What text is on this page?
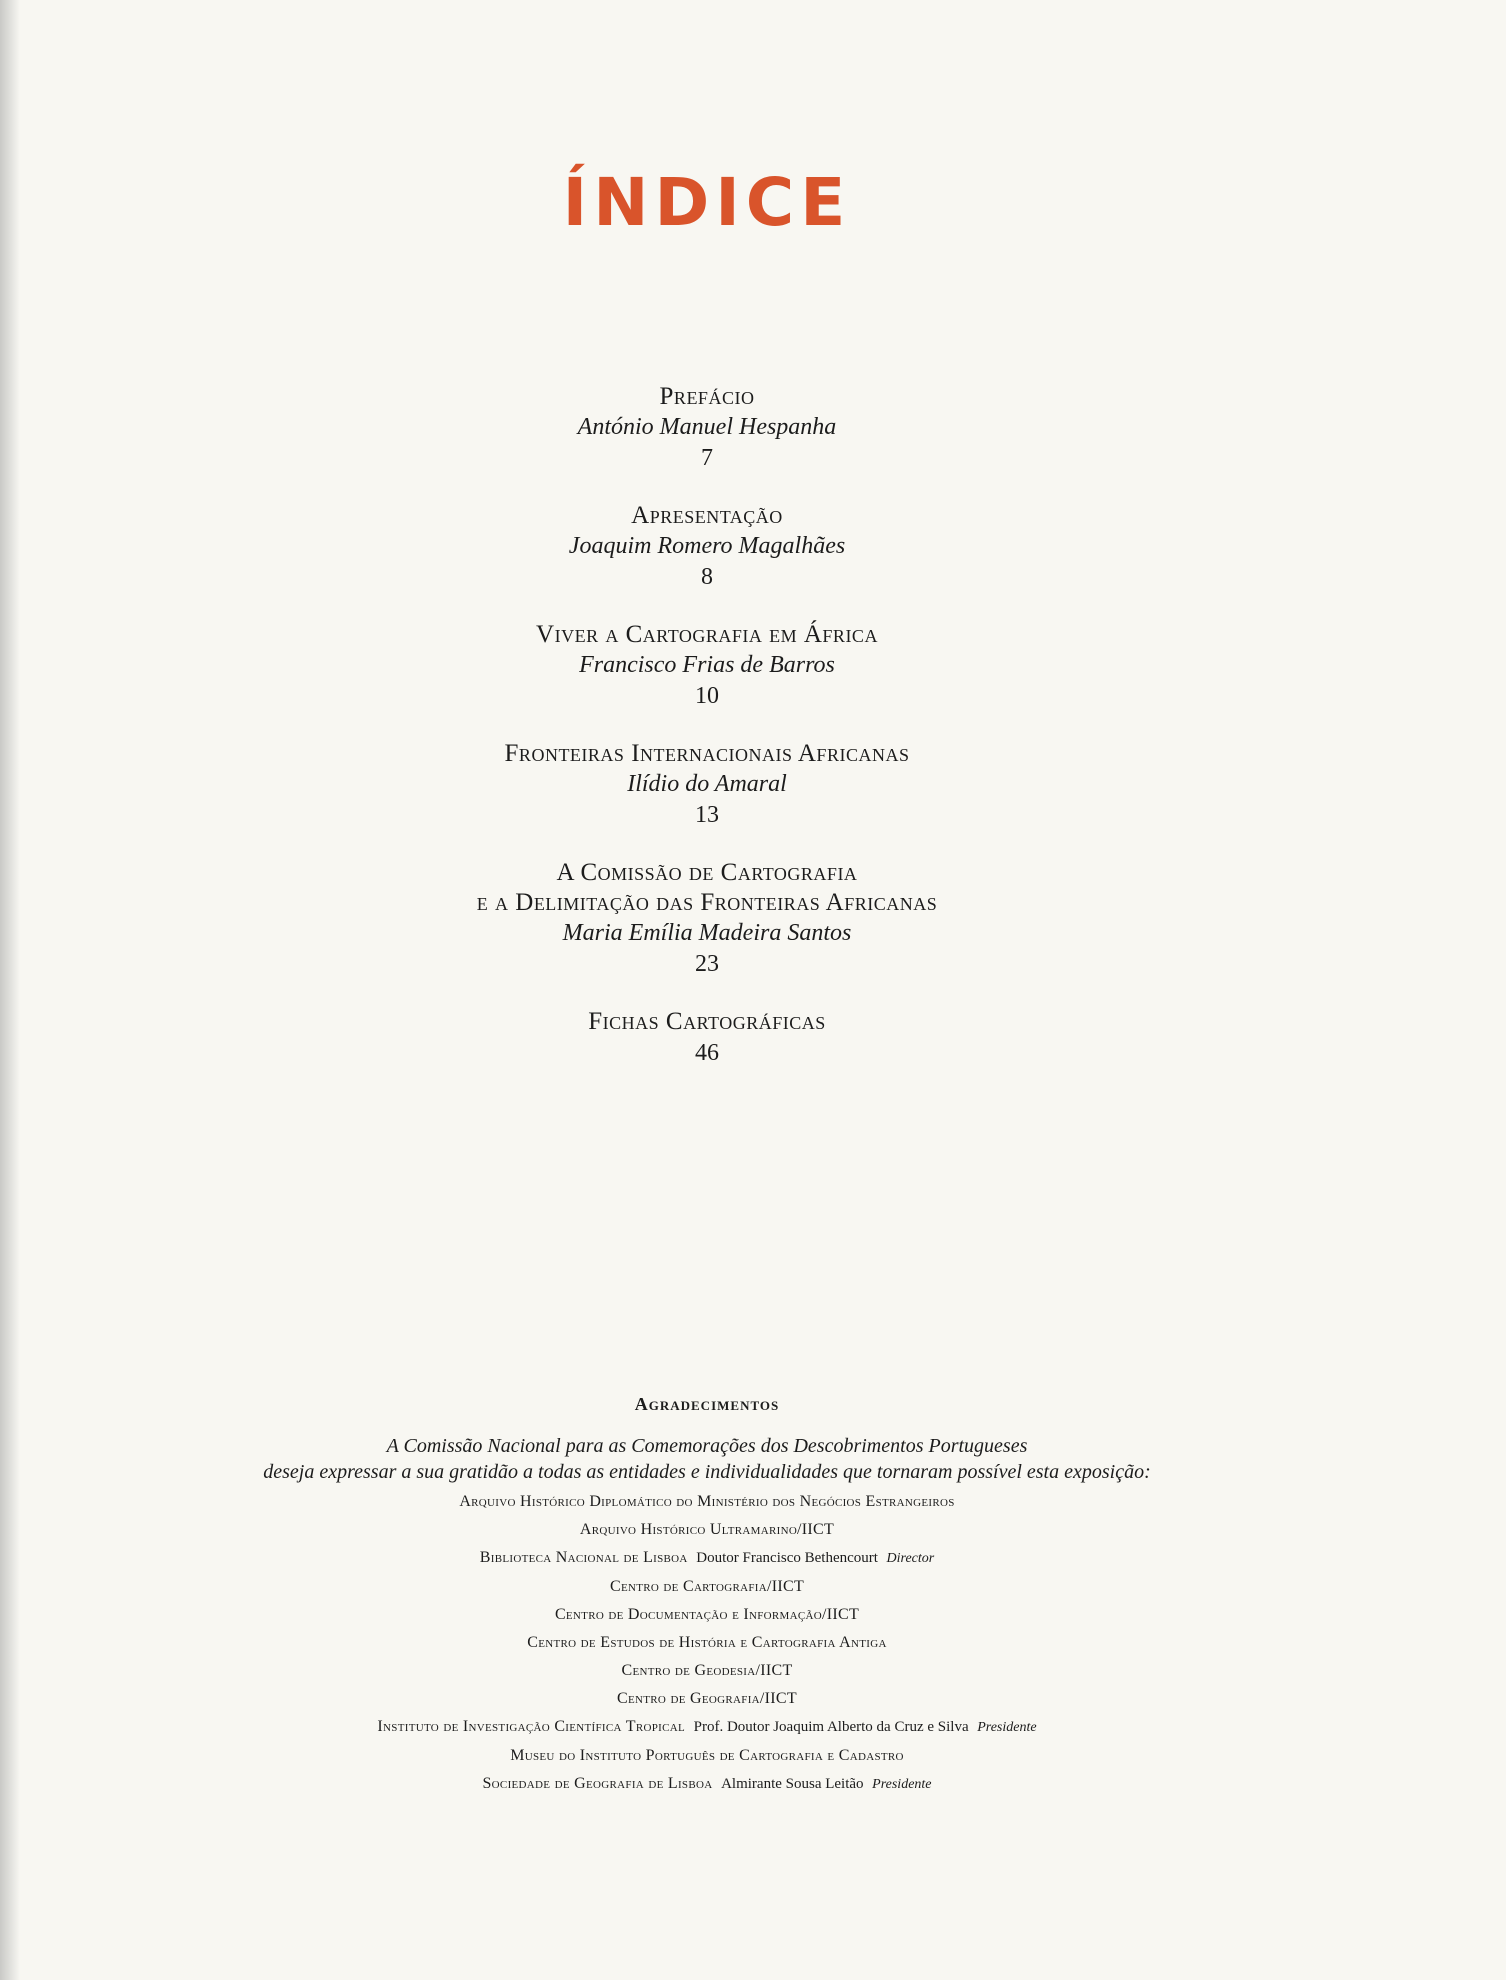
ÍNDICE
Prefácio
António Manuel Hespanha
7
Apresentação
Joaquim Romero Magalhães
8
Viver a Cartografia em África
Francisco Frias de Barros
10
Fronteiras Internacionais Africanas
Ilídio do Amaral
13
A Comissão de Cartografia
e a Delimitação das Fronteiras Africanas
Maria Emília Madeira Santos
23
Fichas Cartográficas
46
Agradecimentos
A Comissão Nacional para as Comemorações dos Descobrimentos Portugueses
deseja expressar a sua gratidão a todas as entidades e individualidades que tornaram possível esta exposição:
Arquivo Histórico Diplomático do Ministério dos Negócios Estrangeiros
Arquivo Histórico Ultramarino/IICT
Biblioteca Nacional de Lisboa Doutor Francisco Bethencourt Director
Centro de Cartografia/IICT
Centro de Documentação e Informação/IICT
Centro de Estudos de História e Cartografia Antiga
Centro de Geodesia/IICT
Centro de Geografia/IICT
Instituto de Investigação Científica Tropical Prof. Doutor Joaquim Alberto da Cruz e Silva Presidente
Museu do Instituto Português de Cartografia e Cadastro
Sociedade de Geografia de Lisboa Almirante Sousa Leitão Presidente
